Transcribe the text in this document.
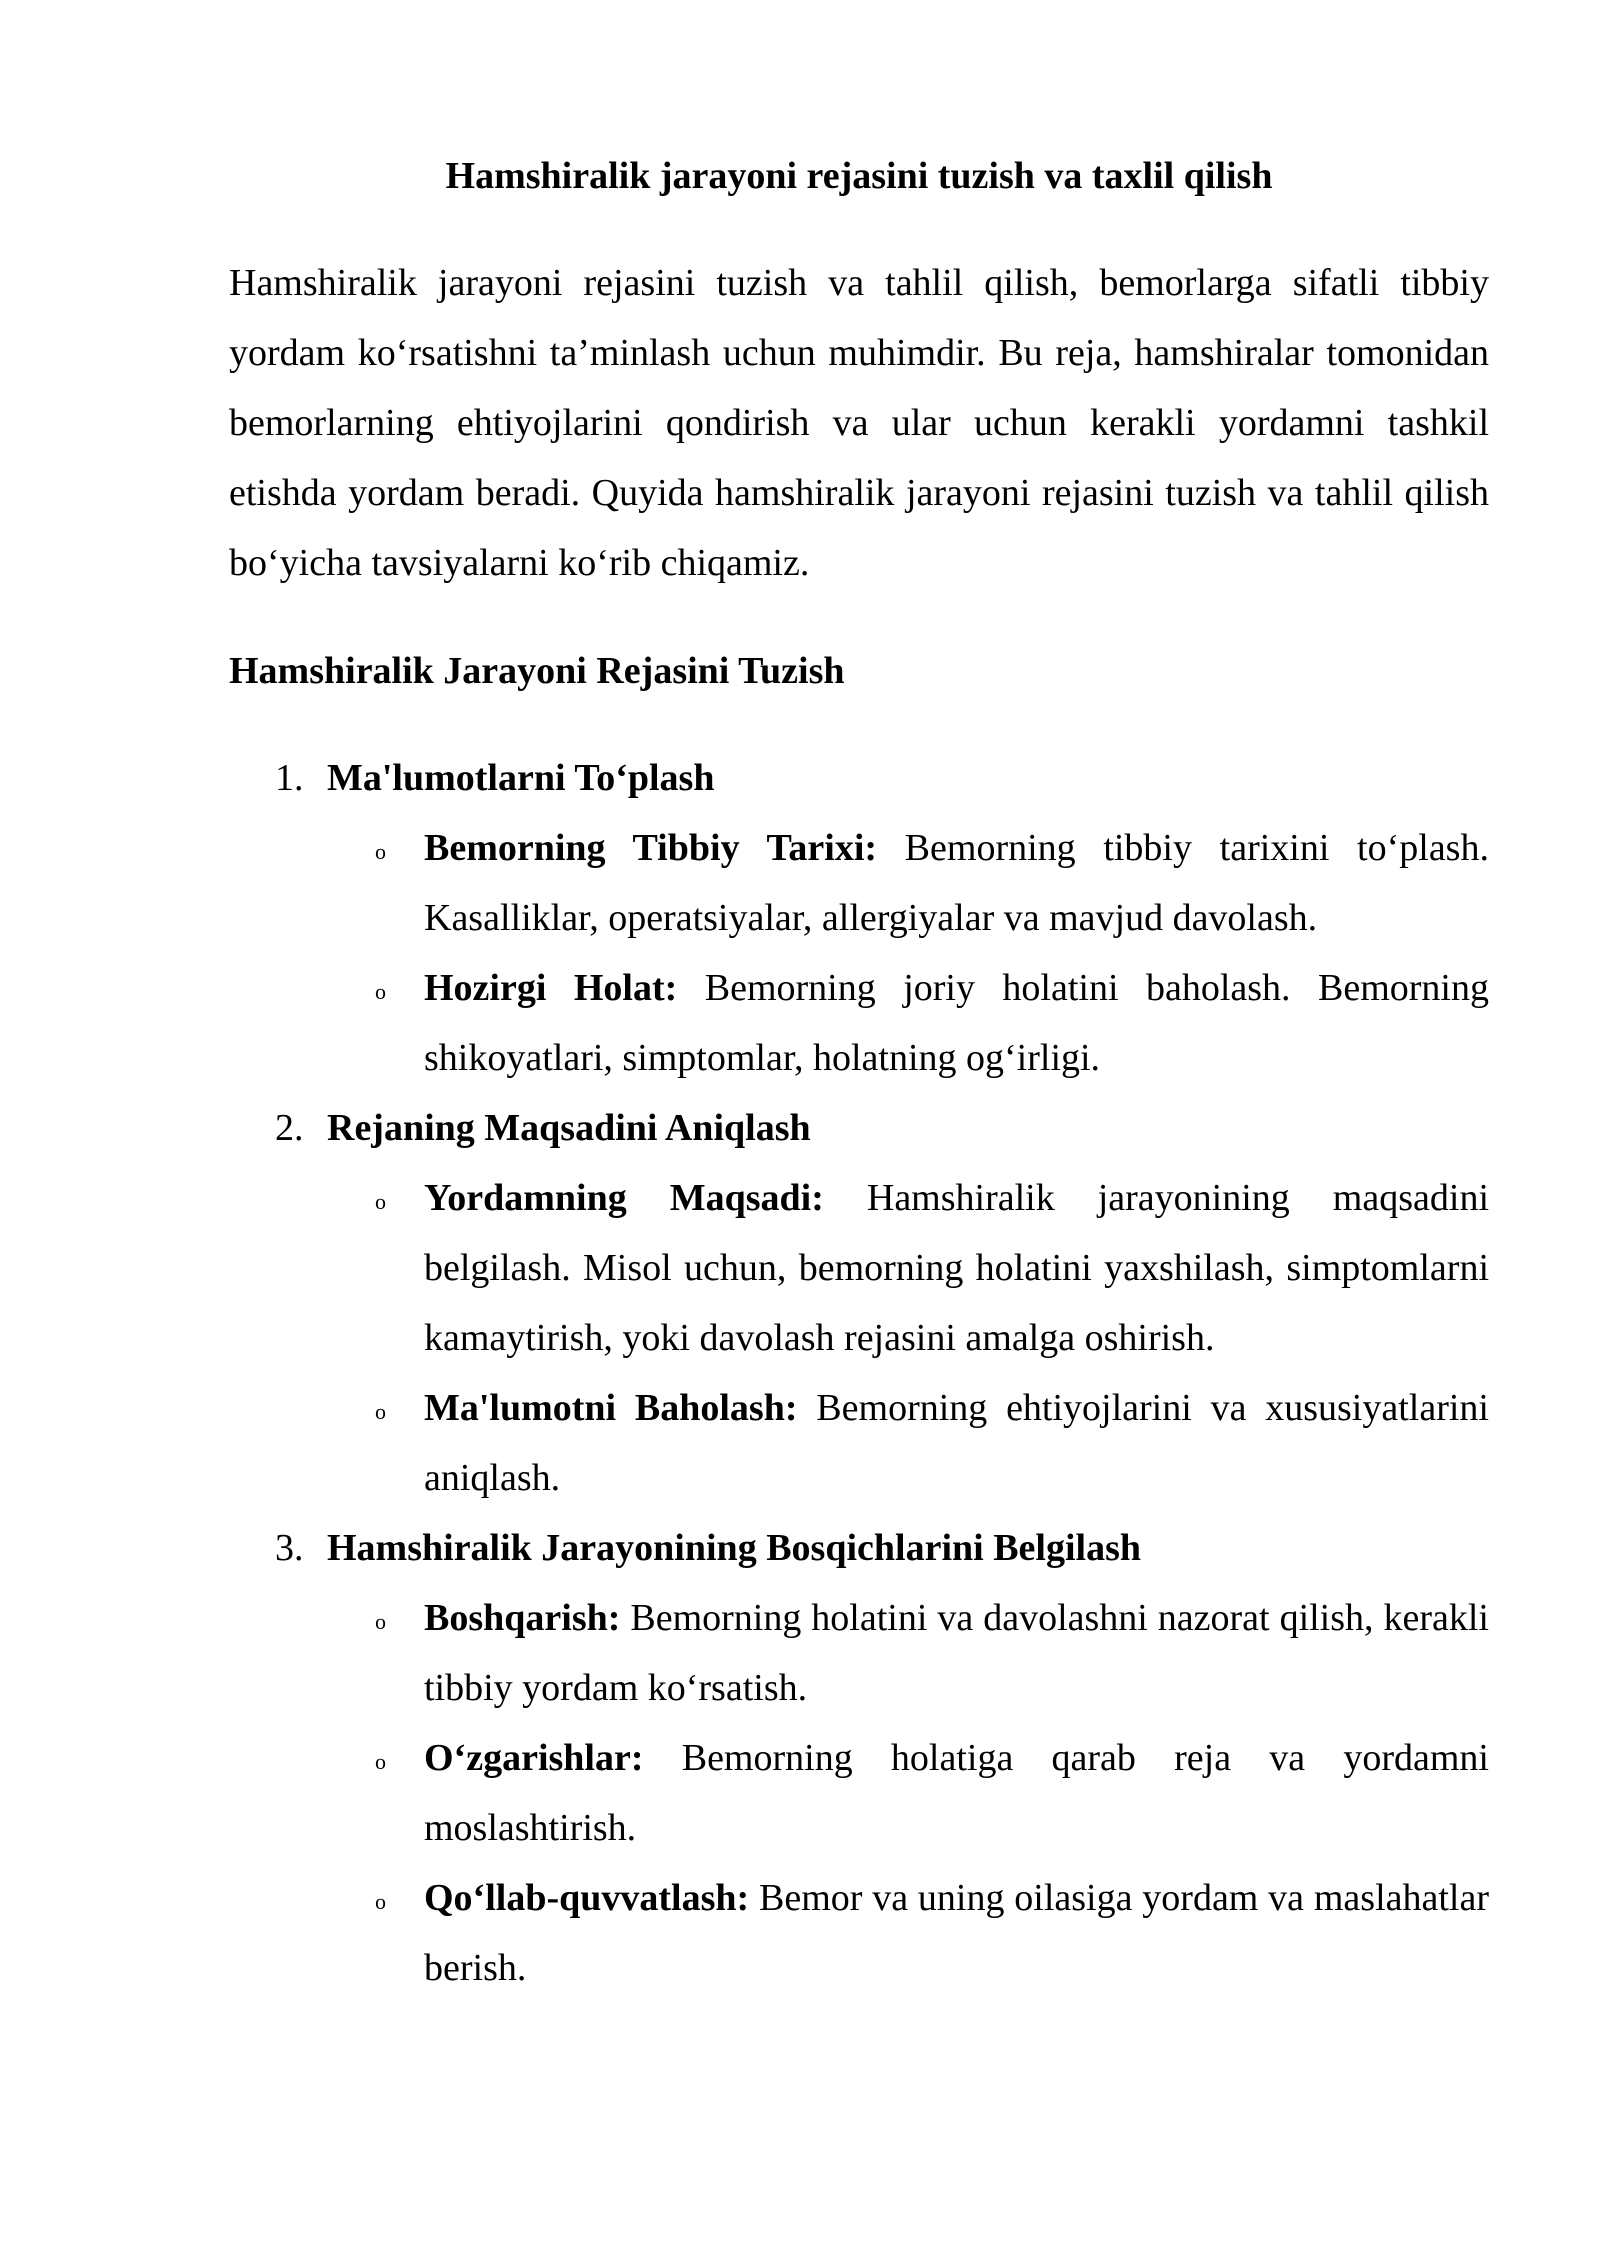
Hamshiralik jarayoni rejasini tuzish va taxlil qilish

Hamshiralik jarayoni rejasini tuzish va tahlil qilish, bemorlarga sifatli tibbiy yordam ko‘rsatishni ta’minlash uchun muhimdir. Bu reja, hamshiralar tomonidan bemorlarning ehtiyojlarini qondirish va ular uchun kerakli yordamni tashkil etishda yordam beradi. Quyida hamshiralik jarayoni rejasini tuzish va tahlil qilish bo‘yicha tavsiyalarni ko‘rib chiqamiz.

Hamshiralik Jarayoni Rejasini Tuzish
1. Ma'lumotlarni To‘plash
o	Bemorning Tibbiy Tarixi: Bemorning tibbiy tarixini to‘plash. Kasalliklar, operatsiyalar, allergiyalar va mavjud davolash.
o	Hozirgi Holat: Bemorning joriy holatini baholash. Bemorning shikoyatlari, simptomlar, holatning og‘irligi.
2. Rejaning Maqsadini Aniqlash
o	Yordamning Maqsadi: Hamshiralik jarayonining maqsadini belgilash. Misol uchun, bemorning holatini yaxshilash, simptomlarni kamaytirish, yoki davolash rejasini amalga oshirish.
o	Ma'lumotni Baholash: Bemorning ehtiyojlarini va xususiyatlarini aniqlash.
3. Hamshiralik Jarayonining Bosqichlarini Belgilash
o	Boshqarish: Bemorning holatini va davolashni nazorat qilish, kerakli tibbiy yordam ko‘rsatish.
o	O‘zgarishlar: Bemorning holatiga qarab reja va yordamni moslashtirish.
o	Qo‘llab-quvvatlash: Bemor va uning oilasiga yordam va maslahatlar berish.
